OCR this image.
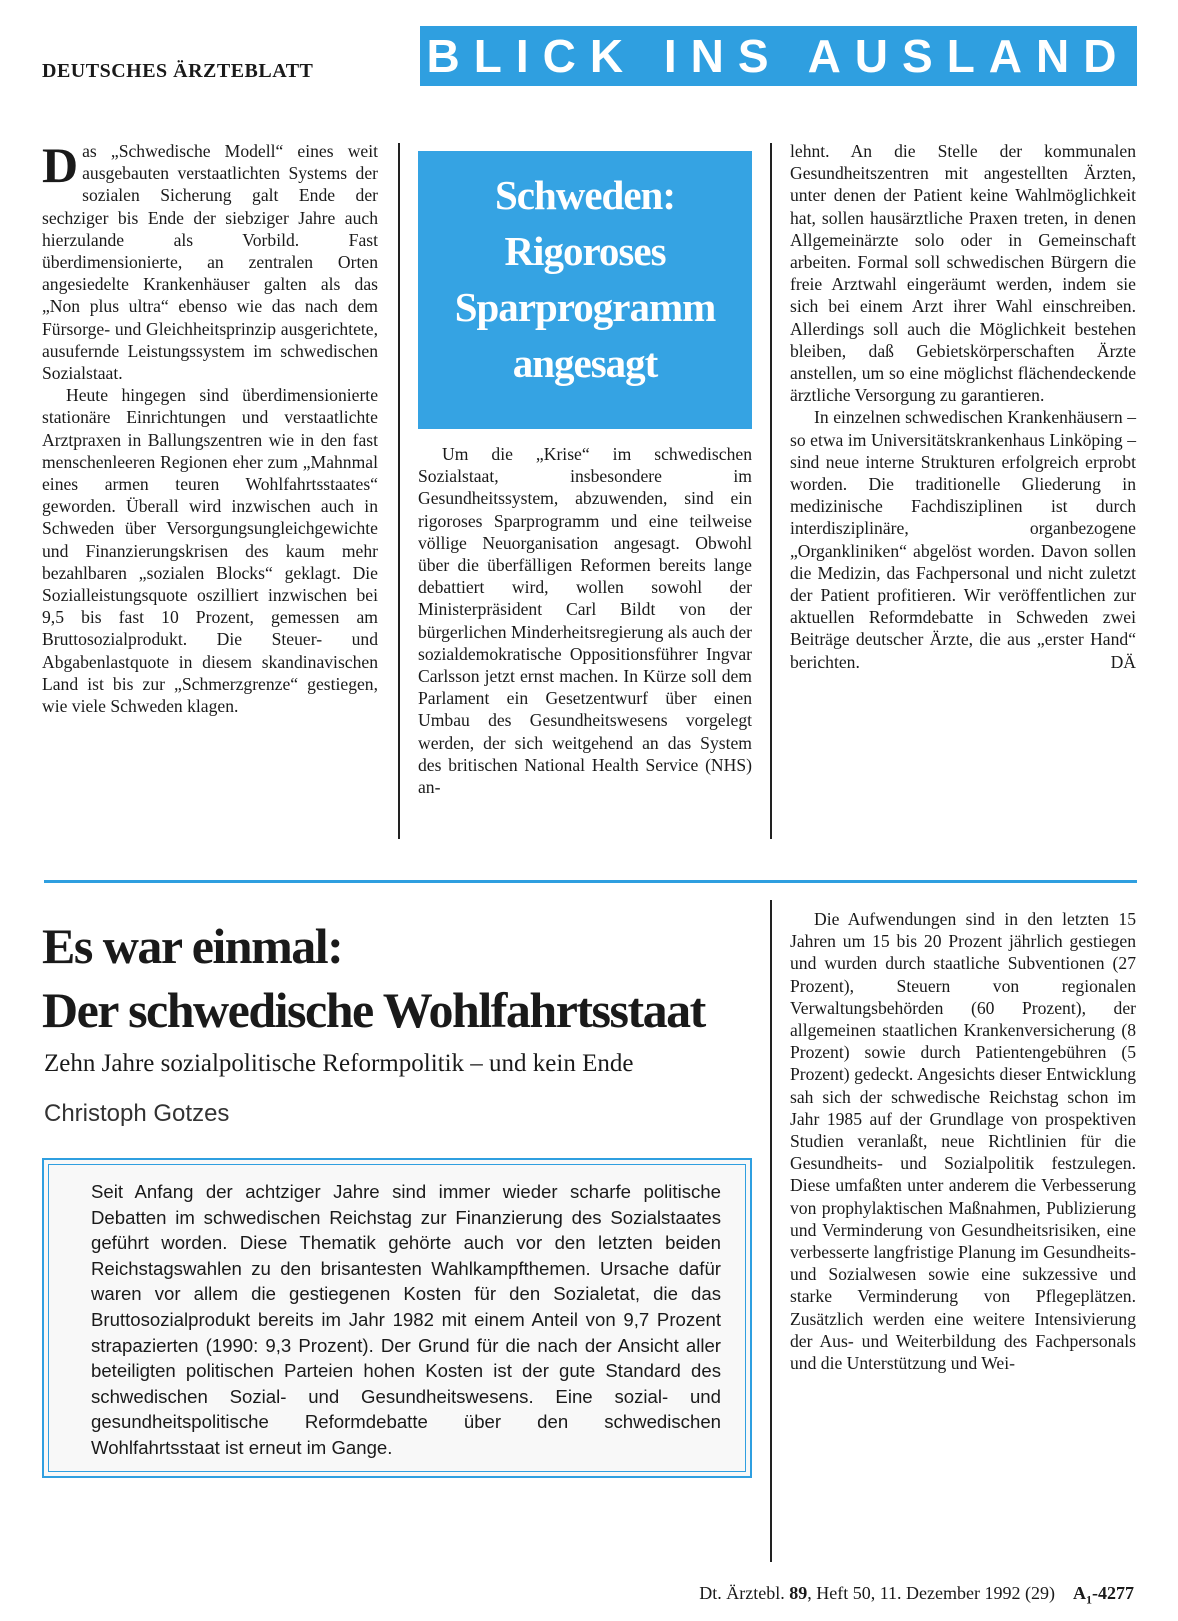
DEUTSCHES ÄRZTEBLATT BLICK INS AUSLAND

Das „Schwedische Modell“ eines weit ausgebauten verstaatlichten Systems der sozialen Sicherung galt Ende der sechziger bis Ende der siebziger Jahre auch hierzulande als Vorbild. Fast überdimensionierte, an zentralen Orten angesiedelte Krankenhäuser galten als das „Non plus ultra“ ebenso wie das nach dem Fürsorge- und Gleichheitsprinzip ausgerichtete, ausufernde Leistungssystem im schwedischen Sozialstaat.

Heute hingegen sind überdimensionierte stationäre Einrichtungen und verstaatlichte Arztpraxen in Ballungszentren wie in den fast menschenleeren Regionen eher zum „Mahnmal eines armen teuren Wohlfahrtsstaates“ geworden. Überall wird inzwischen auch in Schweden über Versorgungsungleichgewichte und Finanzierungskrisen des kaum mehr bezahlbaren „sozialen Blocks“ geklagt. Die Sozialleistungsquote oszilliert inzwischen bei 9,5 bis fast 10 Prozent, gemessen am Bruttosozialprodukt. Die Steuer- und Abgabenlastquote in diesem skandinavischen Land ist bis zur „Schmerzgrenze“ gestiegen, wie viele Schweden klagen.

Schweden:
Rigoroses
Sparprogramm
angesagt

Um die „Krise“ im schwedischen Sozialstaat, insbesondere im Gesundheitssystem, abzuwenden, sind ein rigoroses Sparprogramm und eine teilweise völlige Neuorganisation angesagt. Obwohl über die überfälligen Reformen bereits lange debattiert wird, wollen sowohl der Ministerpräsident Carl Bildt von der bürgerlichen Minderheitsregierung als auch der sozialdemokratische Oppositionsführer Ingvar Carlsson jetzt ernst machen. In Kürze soll dem Parlament ein Gesetzentwurf über einen Umbau des Gesundheitswesens vorgelegt werden, der sich weitgehend an das System des britischen National Health Service (NHS) an-

lehnt. An die Stelle der kommunalen Gesundheitszentren mit angestellten Ärzten, unter denen der Patient keine Wahlmöglichkeit hat, sollen hausärztliche Praxen treten, in denen Allgemeinärzte solo oder in Gemeinschaft arbeiten. Formal soll schwedischen Bürgern die freie Arztwahl eingeräumt werden, indem sie sich bei einem Arzt ihrer Wahl einschreiben. Allerdings soll auch die Möglichkeit bestehen bleiben, daß Gebietskörperschaften Ärzte anstellen, um so eine möglichst flächendeckende ärztliche Versorgung zu garantieren.

In einzelnen schwedischen Krankenhäusern – so etwa im Universitätskrankenhaus Linköping – sind neue interne Strukturen erfolgreich erprobt worden. Die traditionelle Gliederung in medizinische Fachdisziplinen ist durch interdisziplinäre, organbezogene „Organkliniken“ abgelöst worden. Davon sollen die Medizin, das Fachpersonal und nicht zuletzt der Patient profitieren. Wir veröffentlichen zur aktuellen Reformdebatte in Schweden zwei Beiträge deutscher Ärzte, die aus „erster Hand“ berichten.	DÄ

Es war einmal:
Der schwedische Wohlfahrtsstaat
Zehn Jahre sozialpolitische Reformpolitik – und kein Ende
Christoph Gotzes
Seit Anfang der achtziger Jahre sind immer wieder scharfe politische Debatten im schwedischen Reichstag zur Finanzierung des Sozialstaates geführt worden. Diese Thematik gehörte auch vor den letzten beiden Reichstagswahlen zu den brisantesten Wahlkampfthemen. Ursache dafür waren vor allem die gestiegenen Kosten für den Sozialetat, die das Bruttosozialprodukt bereits im Jahr 1982 mit einem Anteil von 9,7 Prozent strapazierten (1990: 9,3 Prozent). Der Grund für die nach der Ansicht aller beteiligten politischen Parteien hohen Kosten ist der gute Standard des schwedischen Sozial- und Gesundheitswesens. Eine sozial- und gesundheitspolitische Reformdebatte über den schwedischen Wohlfahrtsstaat ist erneut im Gange.

Die Aufwendungen sind in den letzten 15 Jahren um 15 bis 20 Prozent jährlich gestiegen und wurden durch staatliche Subventionen (27 Prozent), Steuern von regionalen Verwaltungsbehörden (60 Prozent), der allgemeinen staatlichen Krankenversicherung (8 Prozent) sowie durch Patientengebühren (5 Prozent) gedeckt. Angesichts dieser Entwicklung sah sich der schwedische Reichstag schon im Jahr 1985 auf der Grundlage von prospektiven Studien veranlaßt, neue Richtlinien für die Gesundheits- und Sozialpolitik festzulegen. Diese umfaßten unter anderem die Verbesserung von prophylaktischen Maßnahmen, Publizierung und Verminderung von Gesundheitsrisiken, eine verbesserte langfristige Planung im Gesundheits- und Sozialwesen sowie eine sukzessive und starke Verminderung von Pflegeplätzen. Zusätzlich werden eine weitere Intensivierung der Aus- und Weiterbildung des Fachpersonals und die Unterstützung und Wei-

Dt. Ärztebl. 89, Heft 50, 11. Dezember 1992 (29) $A_1-4277$
